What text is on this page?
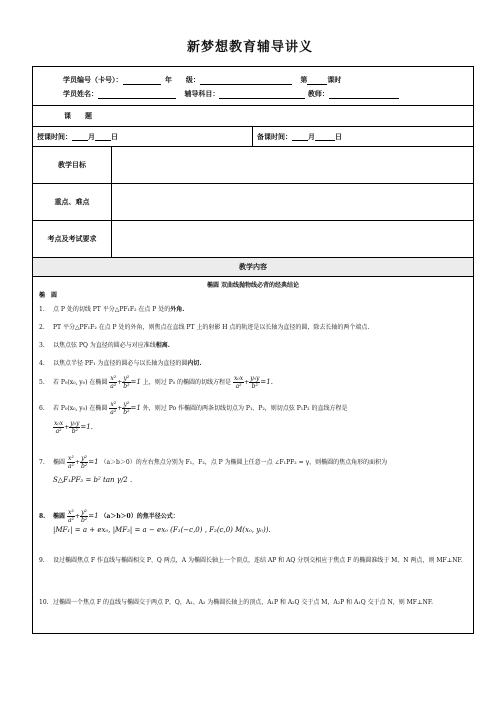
新梦想教育辅导讲义
学员编号（卡号）：	年　　级：	第	课时
学员姓名：	辅导科目：	教师：
课　　题
授课时间： 月 日	备课时间： 月	日
教学目标
重点、难点
考点及考试要求
教学内容
椭圆 双曲线抛物线必背的经典结论
椭　圆
1. 点 P 处的切线 PT 平分△PF₁F₂ 在点 P 处的外角.
2. PT 平分△PF₁F₂ 在点 P 处的外角，则焦点在直线 PT 上的射影 H 点的轨迹是以长轴为直径的圆，除去长轴的两个端点.
3. 以焦点弦 PQ 为直径的圆必与对应准线相离.
4. 以焦点半径 PF₁ 为直径的圆必与以长轴为直径的圆内切.
5. 若 P₀(x₀, y₀) 在椭圆 $\frac{\text{x²}}{\text{a²}} + \frac{\text{y²}}{\text{b²}} =1$ 上，则过 P₀ 的椭圆的切线方程是 $\frac{\text{x₀x}}{\text{a²}} + \frac{\text{y₀y}}{\text{b²}} =1$.
6. 若 P₀(x₀, y₀) 在椭圆 $\frac{\text{x²}}{\text{a²}} + \frac{\text{y²}}{\text{b²}} =1$ 外，则过 Po 作椭圆的两条切线切点为 P₁、P₂，则切点弦 P₁P₂ 的直线方程是
$\frac{\text{x₀x}}{\text{a²}} + \frac{\text{y₀y}}{\text{b²}} =1$.
7. 椭圆 $\frac{\text{x²}}{\text{a²}} + \frac{\text{y²}}{\text{b²}} =1$ （a＞b＞0）的左右焦点分别为 F₁，F₂，点 P 为椭圆上任意一点 ∠F₁PF₂ = γ，则椭圆的焦点角形的面积为
S△F₁PF₂ = b² tan γ/2 .
8. 椭圆 $\frac{\text{x²}}{\text{a²}} + \frac{\text{y²}}{\text{b²}} =1$ （a＞b＞0）的焦半径公式：
|MF₁| = a + ex₀, |MF₂| = a − ex₀ (F₁(−c,0) , F₂(c,0) M(x₀, y₀)).
9. 设过椭圆焦点 F 作直线与椭圆相交 P、Q 两点，A 为椭圆长轴上一个顶点，连结 AP 和 AQ 分别交相应于焦点 F 的椭圆准线于 M、N 两点，则 MF⊥NF.
10. 过椭圆一个焦点 F 的直线与椭圆交于两点 P、Q，A₁、A₂ 为椭圆长轴上的顶点，A₁P 和 A₂Q 交于点 M，A₂P 和 A₁Q 交于点 N，则 MF⊥NF.
